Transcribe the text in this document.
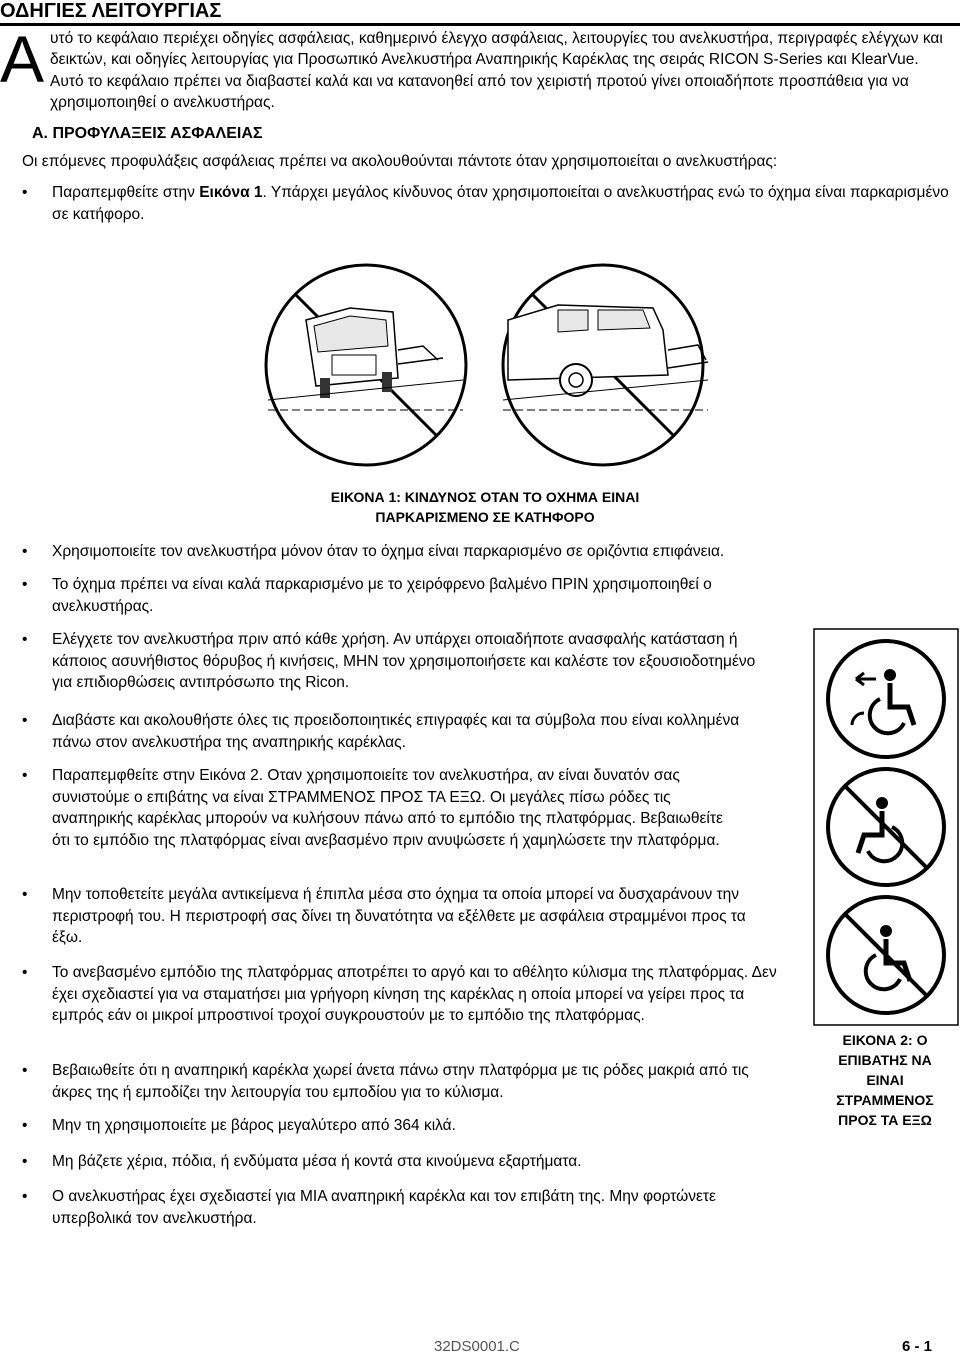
ΟΔΗΓΙΕΣ ΛΕΙΤΟΥΡΓΙΑΣ
Αυτό το κεφάλαιο περιέχει οδηγίες ασφάλειας, καθημερινό έλεγχο ασφάλειας, λειτουργίες του ανελκυστήρα, περιγραφές ελέγχων και δεικτών, και οδηγίες λειτουργίας για Προσωπικό Ανελκυστήρα Αναπηρικής Καρέκλας της σειράς RICON S-Series και KlearVue. Αυτό το κεφάλαιο πρέπει να διαβαστεί καλά και να κατανοηθεί από τον χειριστή προτού γίνει οποιαδήποτε προσπάθεια για να χρησιμοποιηθεί ο ανελκυστήρας.
Α. ΠΡΟΦΥΛΑΞΕΙΣ ΑΣΦΑΛΕΙΑΣ
Οι επόμενες προφυλάξεις ασφάλειας πρέπει να ακολουθούνται πάντοτε όταν χρησιμοποιείται ο ανελκυστήρας:
• Παραπεμφθείτε στην Εικόνα 1. Υπάρχει μεγάλος κίνδυνος όταν χρησιμοποιείται ο ανελκυστήρας ενώ το όχημα είναι παρκαρισμένο σε κατήφορο.
ΕΙΚΟΝΑ 1: ΚΙΝΔΥΝΟΣ ΟΤΑΝ ΤΟ ΟΧΗΜΑ ΕΙΝΑΙ
ΠΑΡΚΑΡΙΣΜΕΝΟ ΣΕ ΚΑΤΗΦΟΡΟ
• Χρησιμοποιείτε τον ανελκυστήρα μόνον όταν το όχημα είναι παρκαρισμένο σε οριζόντια επιφάνεια.
• Το όχημα πρέπει να είναι καλά παρκαρισμένο με το χειρόφρενο βαλμένο ΠΡΙΝ χρησιμοποιηθεί ο ανελκυστήρας.
• Ελέγχετε τον ανελκυστήρα πριν από κάθε χρήση. Αν υπάρχει οποιαδήποτε ανασφαλής κατάσταση ή κάποιος ασυνήθιστος θόρυβος ή κινήσεις, ΜΗΝ τον χρησιμοποιήσετε και καλέστε τον εξουσιοδοτημένο για επιδιορθώσεις αντιπρόσωπο της Ricon.
• Διαβάστε και ακολουθήστε όλες τις προειδοποιητικές επιγραφές και τα σύμβολα που είναι κολλημένα πάνω στον ανελκυστήρα της αναπηρικής καρέκλας.
• Παραπεμφθείτε στην Εικόνα 2. Οταν χρησιμοποιείτε τον ανελκυστήρα, αν είναι δυνατόν σας συνιστούμε ο επιβάτης να είναι ΣΤΡΑΜΜΕΝΟΣ ΠΡΟΣ ΤΑ ΕΞΩ. Οι μεγάλες πίσω ρόδες τις αναπηρικής καρέκλας μπορούν να κυλήσουν πάνω από το εμπόδιο της πλατφόρμας. Βεβαιωθείτε ότι το εμπόδιο της πλατφόρμας είναι ανεβασμένο πριν ανυψώσετε ή χαμηλώσετε την πλατφόρμα.
• Μην τοποθετείτε μεγάλα αντικείμενα ή έπιπλα μέσα στο όχημα τα οποία μπορεί να δυσχαράνουν την περιστροφή του. Η περιστροφή σας δίνει τη δυνατότητα να εξέλθετε με ασφάλεια στραμμένοι προς τα έξω.
• Το ανεβασμένο εμπόδιο της πλατφόρμας αποτρέπει το αργό και το αθέλητο κύλισμα της πλατφόρμας. Δεν έχει σχεδιαστεί για να σταματήσει μια γρήγορη κίνηση της καρέκλας η οποία μπορεί να γείρει προς τα εμπρός εάν οι μικροί μπροστινοί τροχοί συγκρουστούν με το εμπόδιο της πλατφόρμας.
• Βεβαιωθείτε ότι η αναπηρική καρέκλα χωρεί άνετα πάνω στην πλατφόρμα με τις ρόδες μακριά από τις άκρες της ή εμποδίζει την λειτουργία του εμποδίου για το κύλισμα.
• Μην τη χρησιμοποιείτε με βάρος μεγαλύτερο από 364 κιλά.
• Μη βάζετε χέρια, πόδια, ή ενδύματα μέσα ή κοντά στα κινούμενα εξαρτήματα.
• Ο ανελκυστήρας έχει σχεδιαστεί για ΜΙΑ αναπηρική καρέκλα και τον επιβάτη της. Μην φορτώνετε υπερβολικά τον ανελκυστήρα.
ΕΙΚΟΝΑ 2: Ο
ΕΠΙΒΑΤΗΣ ΝΑ
ΕΙΝΑΙ
ΣΤΡΑΜΜΕΝΟΣ
ΠΡΟΣ ΤΑ ΕΞΩ
32DS0001.C	6 - 1
